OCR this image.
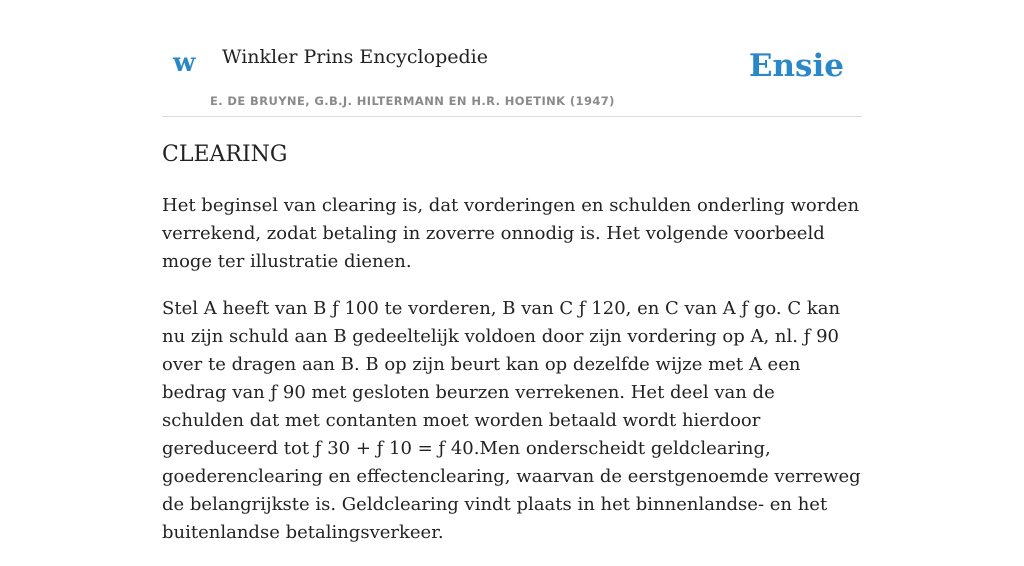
w Winkler Prins Encyclopedie
E. DE BRUYNE, G.B.J. HILTERMANN EN H.R. HOETINK (1947)
Ensie
CLEARING

Het beginsel van clearing is, dat vorderingen en schulden onderling worden verrekend, zodat betaling in zoverre onnodig is. Het volgende voorbeeld moge ter illustratie dienen.

Stel A heeft van B ƒ 100 te vorderen, B van C ƒ 120, en C van A ƒ go. C kan nu zijn schuld aan B gedeeltelijk voldoen door zijn vordering op A, nl. ƒ 90 over te dragen aan B. B op zijn beurt kan op dezelfde wijze met A een bedrag van ƒ 90 met gesloten beurzen verrekenen. Het deel van de schulden dat met contanten moet worden betaald wordt hierdoor gereduceerd tot ƒ 30 + ƒ 10 = ƒ 40.Men onderscheidt geldclearing, goederenclearing en effectenclearing, waarvan de eerstgenoemde verreweg de belangrijkste is. Geldclearing vindt plaats in het binnenlandse- en het buitenlandse betalingsverkeer.
